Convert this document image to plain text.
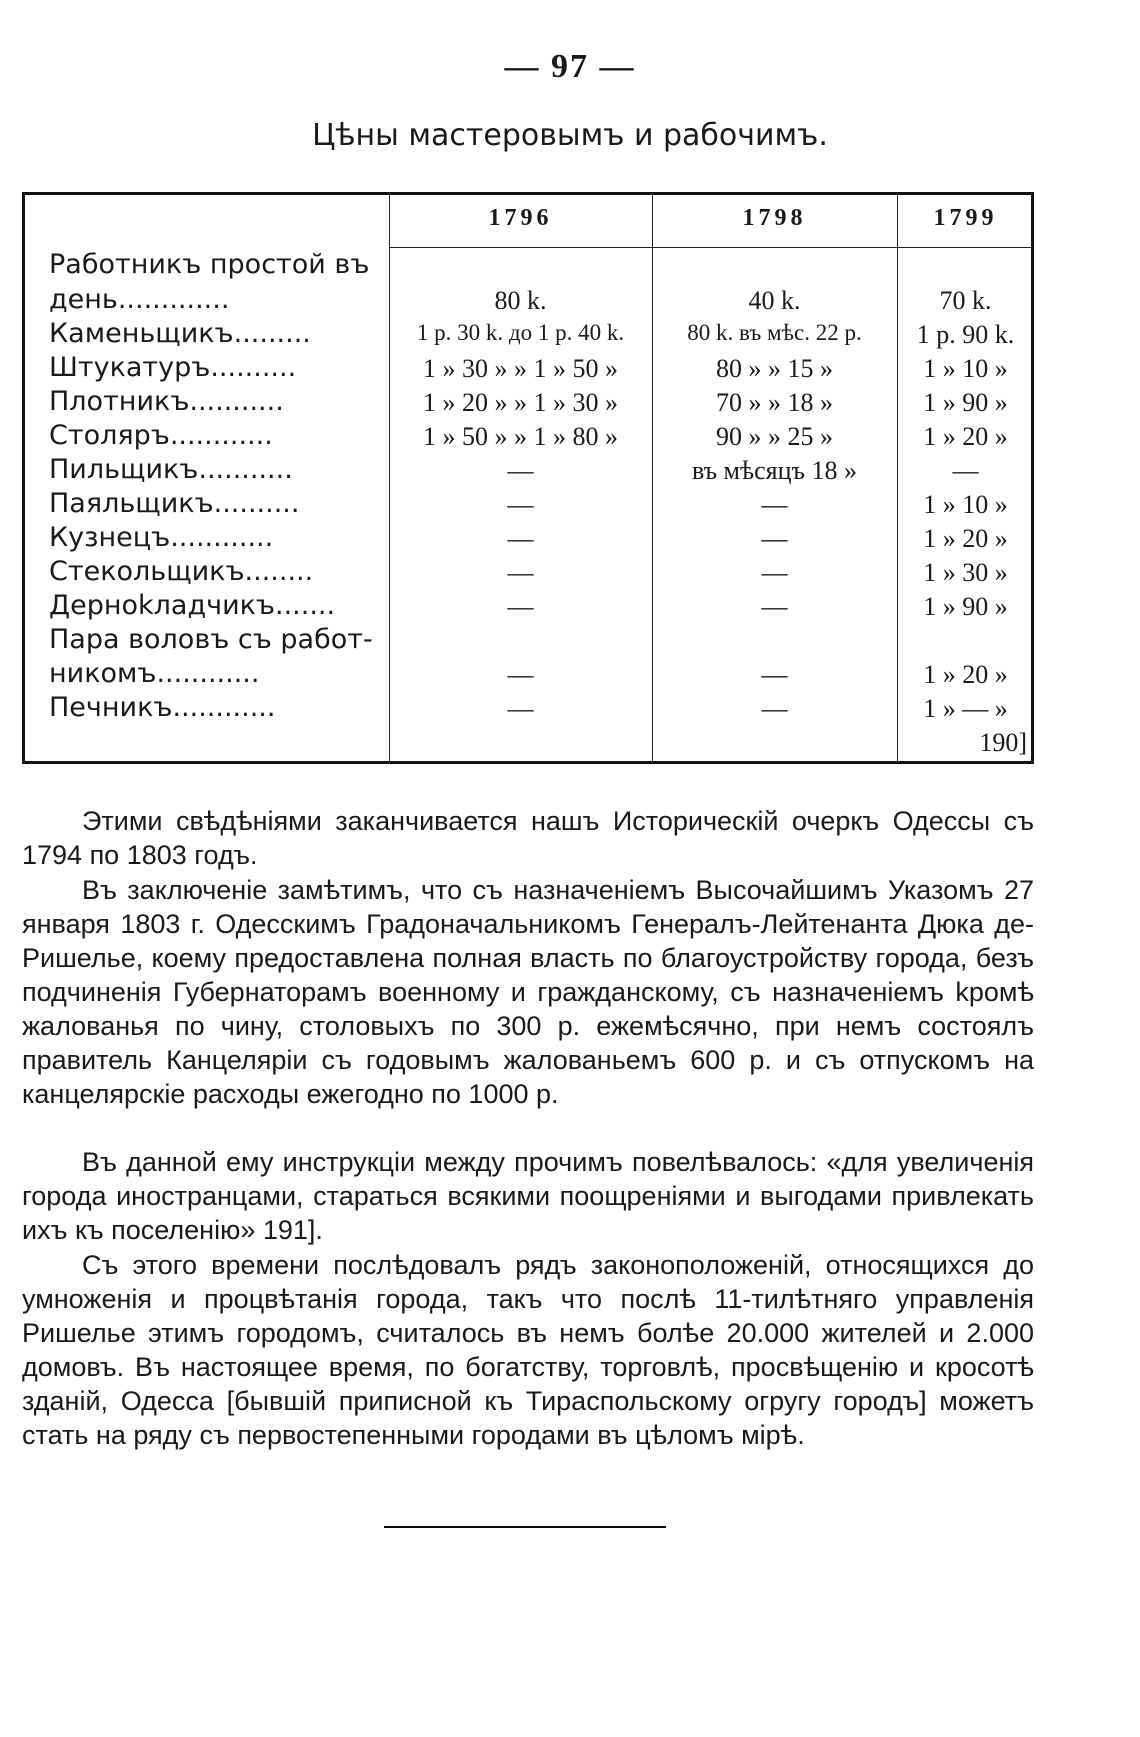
— 97 —
Цѣны мастеровымъ и рабочимъ.
1796	1798	1799
Работникъ простой въ
день.............	80 k.	40 k.	70 k.
Каменьщикъ.........	1 р. 30 k. до 1 р. 40 k.	80 k. въ мѣс. 22 р.	1 р. 90 k.
Штукатуръ..........	1 » 30 » » 1 » 50 »	80 » » 15 »	1 » 10 »
Плотникъ...........	1 » 20 » » 1 » 30 »	70 » » 18 »	1 » 90 »
Столяръ............	1 » 50 » » 1 » 80 »	90 » » 25 »	1 » 20 »
Пильщикъ...........	—	въ мѣсяцъ 18 »	—
Паяльщикъ..........	—	—	1 » 10 »
Кузнецъ............	—	—	1 » 20 »
Стекольщикъ........	—	—	1 » 30 »
Дерноkладчикъ.......	—	—	1 » 90 »
Пара воловъ съ работ-
никомъ............	—	—	1 » 20 »
Печникъ............	—	—	1 » — »
190]

Этими свѣдѣніями заканчивается нашъ Историческій очеркъ Одессы съ 1794 по 1803 годъ.

Въ заключеніе замѣтимъ, что съ назначеніемъ Высочайшимъ Указомъ 27 января 1803 г. Одесскимъ Градоначальникомъ Генералъ-Лейтенанта Дюка де-Ришелье, коему предоставлена полная власть по благоустройству города, безъ подчиненія Губернаторамъ военному и гражданскому, съ назначеніемъ kромѣ жалованья по чину, столовыхъ по 300 р. ежемѣсячно, при немъ состоялъ правитель Канцеляріи съ годовымъ жалованьемъ 600 р. и съ отпускомъ на канцелярскіе расходы ежегодно по 1000 р.

Въ данной ему инструкціи между прочимъ повелѣвалось: «для увеличенія города иностранцами, стараться всякими поощреніями и выгодами привлекать ихъ къ поселенію» 191].

Съ этого времени послѣдовалъ рядъ законоположеній, относящихся до умноженія и процвѣтанія города, такъ что послѣ 11-тилѣтняго управленія Ришелье этимъ городомъ, считалось въ немъ болѣе 20.000 жителей и 2.000 домовъ. Въ настоящее время, по богатству, торговлѣ, просвѣщенію и кросотѣ зданій, Одесса [бывшій приписной къ Тираспольскому огругу городъ] можетъ стать на ряду съ первостепенными городами въ цѣломъ мірѣ.
